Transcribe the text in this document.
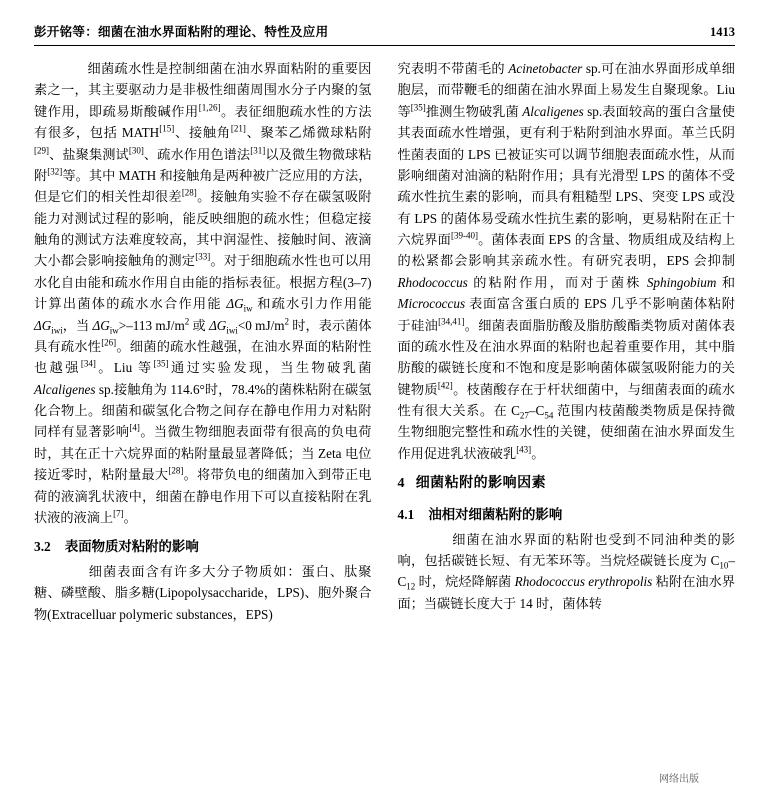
彭开铭等：细菌在油水界面粘附的理论、特性及应用	1413

　　细菌疏水性是控制细菌在油水界面粘附的重要因素之一，其主要驱动力是非极性细菌周围水分子内聚的氢键作用，即疏易斯酸碱作用[1,26]。表征细胞疏水性的方法有很多，包括 MATH[15]、接触角[21]、聚苯乙烯微球粘附[29]、盐聚集测试[30]、疏水作用色谱法[31]以及微生物微球粘附[32]等。其中 MATH 和接触角是两种被广泛应用的方法，但是它们的相关性却很差[28]。接触角实验不存在碳氢吸附能力对测试过程的影响，能反映细胞的疏水性；但稳定接触角的测试方法难度较高，其中润湿性、接触时间、液滴大小都会影响接触角的测定[33]。对于细胞疏水性也可以用水化自由能和疏水作用自由能的指标表征。根据方程(3–7)计算出菌体的疏水水合作用能 $\Delta G_{iw}$ 和疏水引力作用能 $\Delta G_{iwi}$，当 $\Delta G_{iw}>-113$ $mJ/m^2$ 或 $\Delta G_{iwi}<0$ $mJ/m^2$ 时，表示菌体具有疏水性[26]。细菌的疏水性越强，在油水界面的粘附性也越强[34]。Liu 等[35]通过实验发现，当生物破乳菌 Alcaligenes sp.接触角为 114.6°时，78.4%的菌株粘附在碳氢化合物上。细菌和碳氢化合物之间存在静电作用力对粘附同样有显著影响[4]。当微生物细胞表面带有很高的负电荷时，其在正十六烷界面的粘附量最显著降低；当 Zeta 电位接近零时，粘附量最大[28]。将带负电的细菌加入到带正电荷的液滴乳状液中，细菌在静电作用下可以直接粘附在乳状液的液滴上[7]。

3.2 表面物质对粘附的影响

　　细菌表面含有许多大分子物质如：蛋白、肽聚糖、磷壁酸、脂多糖(Lipopolysaccharide，LPS)、胞外聚合物(Extracelluar polymeric substances，EPS)

究表明不带菌毛的 Acinetobacter sp.可在油水界面形成单细胞层，而带鞭毛的细菌在油水界面上易发生自聚现象。Liu 等[35]推测生物破乳菌 Alcaligenes sp.表面较高的蛋白含量使其表面疏水性增强，更有利于粘附到油水界面。革兰氏阴性菌表面的 LPS 已被证实可以调节细胞表面疏水性，从而影响细菌对油滴的粘附作用；具有光滑型 LPS 的菌体不受疏水性抗生素的影响，而具有粗糙型 LPS、突变 LPS 或没有 LPS 的菌体易受疏水性抗生素的影响，更易粘附在正十六烷界面[39-40]。菌体表面 EPS 的含量、物质组成及结构上的松紧都会影响其亲疏水性。有研究表明，EPS 会抑制 Rhodococcus 的粘附作用，而对于菌株 Sphingobium 和 Micrococcus 表面富含蛋白质的 EPS 几乎不影响菌体粘附于硅油[34,41]。细菌表面脂肪酸及脂肪酸酯类物质对菌体表面的疏水性及在油水界面的粘附也起着重要作用，其中脂肪酸的碳链长度和不饱和度是影响菌体碳氢吸附能力的关键物质[42]。枝菌酸存在于杆状细菌中，与细菌表面的疏水性有很大关系。在 $C_{27}-C_{54}$ 范围内枝菌酸类物质是保持微生物细胞完整性和疏水性的关键，使细菌在油水界面发生作用促进乳状液破乳[43]。

4 细菌粘附的影响因素
4.1 油相对细菌粘附的影响

　　细菌在油水界面的粘附也受到不同油种类的影响，包括碳链长短、有无苯环等。当烷烃碳链长度为 $C_{10}-C_{12}$ 时，烷烃降解菌 Rhodococcus erythropolis 粘附在油水界面；当碳链长度大于 14 时，菌体转

网络出版
